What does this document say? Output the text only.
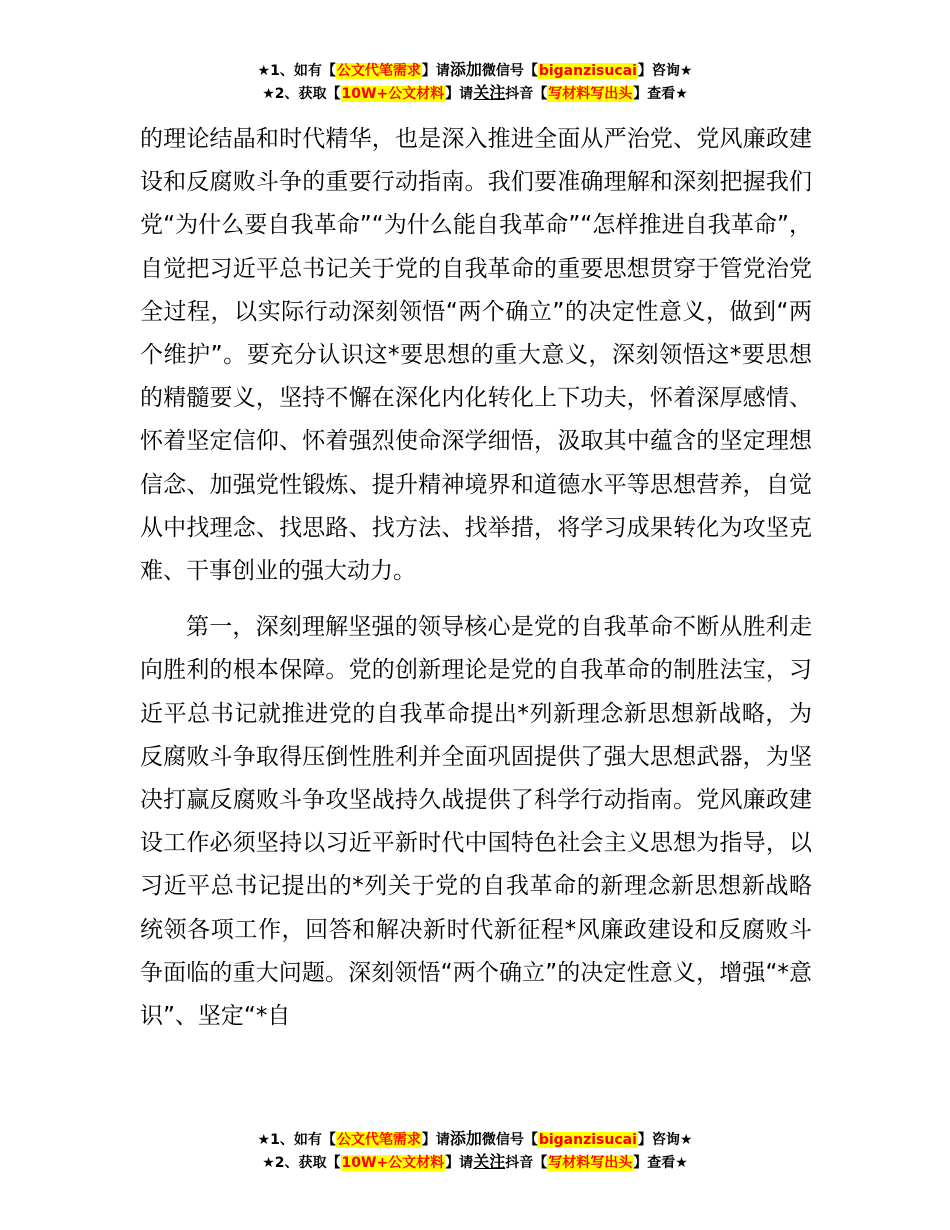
★1、如有【公文代笔需求】请添加微信号【biganzisucai】咨询★
★2、获取【10W+公文材料】请关注抖音【写材料写出头】查看★

的理论结晶和时代精华，也是深入推进全面从严治党、党风廉政建设和反腐败斗争的重要行动指南。我们要准确理解和深刻把握我们党“为什么要自我革命”“为什么能自我革命”“怎样推进自我革命”，自觉把习近平总书记关于党的自我革命的重要思想贯穿于管党治党全过程，以实际行动深刻领悟“两个确立”的决定性意义，做到“两个维护”。要充分认识这*要思想的重大意义，深刻领悟这*要思想的精髓要义，坚持不懈在深化内化转化上下功夫，怀着深厚感情、怀着坚定信仰、怀着强烈使命深学细悟，汲取其中蕴含的坚定理想信念、加强党性锻炼、提升精神境界和道德水平等思想营养，自觉从中找理念、找思路、找方法、找举措，将学习成果转化为攻坚克难、干事创业的强大动力。

第一，深刻理解坚强的领导核心是党的自我革命不断从胜利走向胜利的根本保障。党的创新理论是党的自我革命的制胜法宝，习近平总书记就推进党的自我革命提出*列新理念新思想新战略，为反腐败斗争取得压倒性胜利并全面巩固提供了强大思想武器，为坚决打赢反腐败斗争攻坚战持久战提供了科学行动指南。党风廉政建设工作必须坚持以习近平新时代中国特色社会主义思想为指导，以习近平总书记提出的*列关于党的自我革命的新理念新思想新战略统领各项工作，回答和解决新时代新征程*风廉政建设和反腐败斗争面临的重大问题。深刻领悟“两个确立”的决定性意义，增强“*意识”、坚定“*自

★1、如有【公文代笔需求】请添加微信号【biganzisucai】咨询★
★2、获取【10W+公文材料】请关注抖音【写材料写出头】查看★
